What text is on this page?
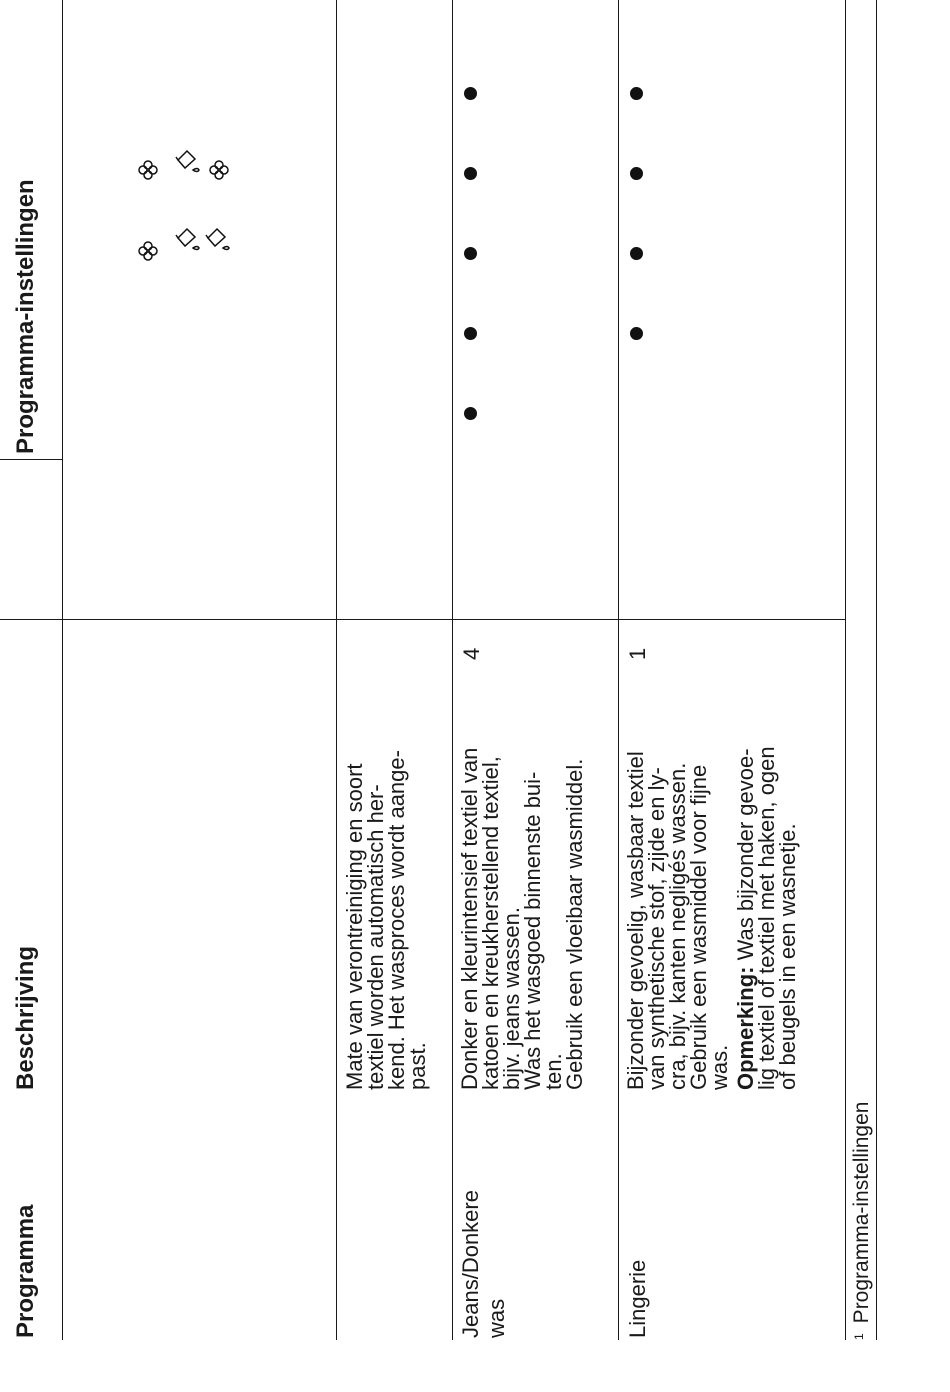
Programma
Beschrijving
Programma-instellingen

Mate van verontreiniging en soort

textiel worden automatisch her-

kend. Het wasproces wordt aange-

past.

Jeans/Donkere was

Donker en kleurintensief textiel van

katoen en kreukherstellend textiel,

bijv. jeans wassen.

Was het wasgoed binnenste bui-

ten.

Gebruik een vloeibaar wasmiddel.

4
Lingerie

Bijzonder gevoelig, wasbaar textiel

van synthetische stof, zijde en ly-

cra, bijv. kanten negligés wassen.

Gebruik een wasmiddel voor fijne

was. Opmerking: Was bijzonder gevoe-

lig textiel of textiel met haken, ogen

of beugels in een wasnetje.

1
$^1$Programma-instellingen
